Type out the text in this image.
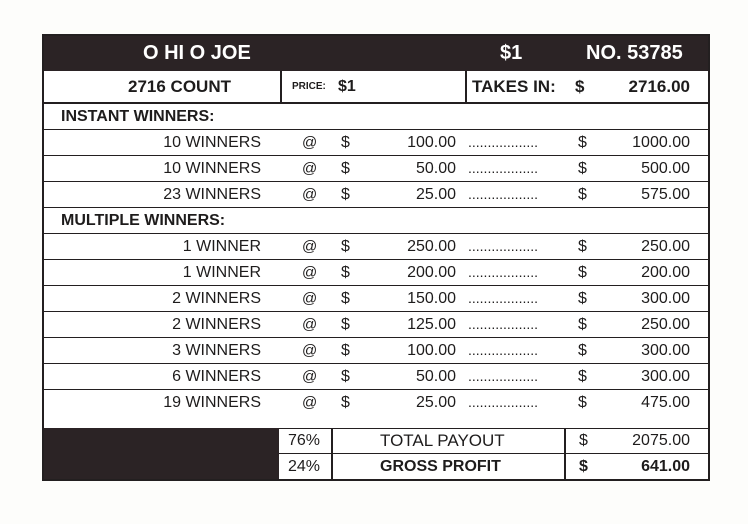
O HI O JOE	$1	NO. 53785
2716 COUNT	PRICE: $1	TAKES IN: $	2716.00
INSTANT WINNERS:
10 WINNERS	@ $	100.00 .................. $	1000.00
10 WINNERS	@ $	50.00 .................. $	500.00
23 WINNERS	@ $	25.00 .................. $	575.00
MULTIPLE WINNERS:
1 WINNER	@ $	250.00 .................. $	250.00
1 WINNER	@ $	200.00 .................. $	200.00
2 WINNERS	@ $	150.00 .................. $	300.00
2 WINNERS	@ $	125.00 .................. $	250.00
3 WINNERS	@ $	100.00 .................. $	300.00
6 WINNERS	@ $	50.00 .................. $	300.00
19 WINNERS	@ $	25.00 .................. $	475.00
76%	TOTAL PAYOUT	$	2075.00
24%	GROSS PROFIT	$	641.00
